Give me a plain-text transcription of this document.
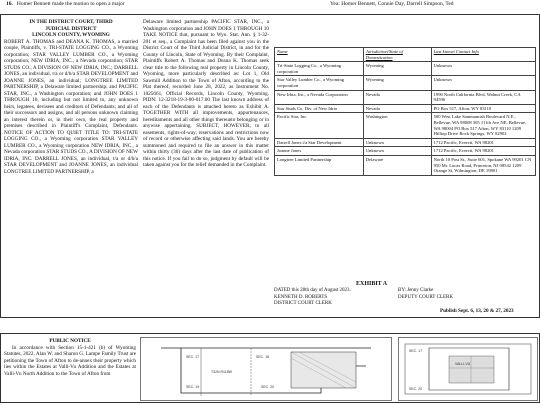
16. Homer Bennett made the motion to open a major	Yea: Homer Bennett, Connie Day, Darrell Simpson, Ted

IN THE DISTRICT COURT, THIRD

JUDICIAL DISTRICT

LINCOLN COUNTY, WYOMING

ROBERT A. THOMAS and DEANA K. THOMAS, a married couple, Plaintiffs, v. TRI-STATE LOGGING CO., a Wyoming corporation; STAR VALLEY LUMBER CO., a Wyoming corporation; NEW IDRIA, INC., a Nevada corporation; STAR STUDS CO., A DIVISION OF NEW IDRIA, INC.; DARRELL JONES, an individual, t/a or d/b/a STAR DEVELOPMENT and JOANNE JONES, an individual; LONGTREE LIMITED PARTNERSHIP, a Delaware limited partnership; and PACIFIC STAR, INC., a Washington corporation; and JOHN DOES 1 THROUGH 10, including but not limited to, any unknown heirs, legatees, devisees and creditors of Defendants; and all of their successors and assigns, and all persons unknown claiming an interest therein or, in their own, the real property and premises described in Plaintiff's Complaint, Defendants. NOTICE OF ACTION TO QUIET TITLE TO: TRI-STATE LOGGING CO., a Wyoming corporation STAR VALLEY LUMBER CO., a Wyoming corporation NEW IDRIA, INC., a Nevada corporation STAR STUDS CO., A DIVISION OF NEW IDRIA, INC. DARRELL JONES, an individual, t/a or d/b/a STAR DEVELOPMENT and JOANNE JONES, an individual LONGTREE LIMITED PARTNERSHIP, a

Delaware limited partnership PACIFIC STAR, INC., a Washington corporation and JOHN DOES 1 THROUGH 10 TAKE NOTICE that, pursuant to Wyo. Stat. Ann. § 1-32-201 et seq., a Complaint has been filed against you in the District Court of the Third Judicial District, in and for the County of Lincoln, State of Wyoming. By their Complaint, Plaintiffs Robert A. Thomas and Deana K. Thomas seek clear title to the following real property in Lincoln County, Wyoming, more particularly described as: Lot 1, Old Sawmill Addition to the Town of Afton, according to the Plat thereof, recorded June 28, 2022, as Instrument No. 1025661, Official Records, Lincoln County, Wyoming. PIDN: 12-3218-19-3-00-017.00 The last known address of each of the Defendants is attached hereto as Exhibit A. TOGETHER WITH all improvements, appurtenances, hereditaments and all other things thereunto belonging or in anywise appertaining. SUBJECT, HOWEVER, to all easements, rights-of-way, reservations and restrictions now of record or otherwise affecting said lands. You are hereby summoned and required to file an answer in this matter within thirty (30) days after the last date of publication of this notice. If you fail to do so, judgment by default will be taken against you for the relief demanded in the Complaint.

Name	Jurisdiction/State of Domestication	Last known Contact Info
Tri-State Logging Co., a Wyoming corporation	Wyoming	Unknown
Star Valley Lumber Co., a Wyoming corporation	Wyoming	Unknown
New Idria, Inc., a Nevada Corporation	Nevada	1990 North California Blvd, Walnut Creek, CA 94596
Star Studs Co. Div. of New Idria	Nevada	PO Box 517, Afton, WY 83110
Pacific Star, Inc.	Washington	500 West Lake Sammamish Boulevard N.E., Bellevue, WA 98008 305 111th Ave NE, Bellevue, WA 98004 PO Box 517 Afton, WY 83110 1209 Hilltop Drive Rock Springs, WY 82902
Darrell Jones t/a Star Development	Unknown	1712 Pacific, Everett, WA 98201
Joanne Jones	Unknown	1712 Pacific, Everett, WA 98201
Longtree Limited Partnership	Delaware	North 10 Post St., Suite 601, Spokane WA 99201 CN 950 Mr. Lucas Road, Princeton, NJ 08542 1209 Orange St, Wilmington, DE 19801
EXHIBIT A
DATED this 28th day of August 2023.
KENNETH D. ROBERTS
DISTRICT COURT CLERK
BY: Jenny Clarke
DEPUTY COURT CLERK
Publish Sept. 6, 13, 20 & 27, 2023

PUBLIC NOTICE

In accordance with Section 15-1-421 (b) of Wyoming Statutes, 2022, Alan W. and Sharon G. Lampe Family Trust are petitioning the Town of Afton to de-annex their property which lies within the Estates at Valli-Vu Addition and the Estates at Valli-Vu North Addition to the Town of Afton from

SEC. 17	SEC. 18
T32N R118W
SEC. 19	SEC. 20
SEC. 17
SEC. 20
VALLI-VU
